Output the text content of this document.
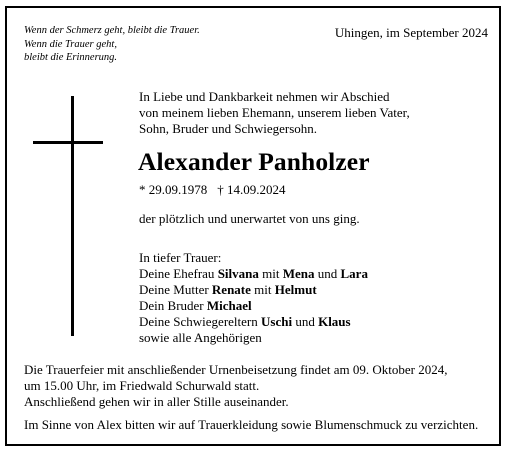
Wenn der Schmerz geht, bleibt die Trauer.
Wenn die Trauer geht,
bleibt die Erinnerung.
Uhingen, im September 2024
In Liebe und Dankbarkeit nehmen wir Abschied
von meinem lieben Ehemann, unserem lieben Vater,
Sohn, Bruder und Schwiegersohn.
Alexander Panholzer
* 29.09.1978 † 14.09.2024
der plötzlich und unerwartet von uns ging.
In tiefer Trauer:
Deine Ehefrau Silvana mit Mena und Lara
Deine Mutter Renate mit Helmut
Dein Bruder Michael
Deine Schwiegereltern Uschi und Klaus
sowie alle Angehörigen
Die Trauerfeier mit anschließender Urnenbeisetzung findet am 09. Oktober 2024,
um 15.00 Uhr, im Friedwald Schurwald statt.
Anschließend gehen wir in aller Stille auseinander.
Im Sinne von Alex bitten wir auf Trauerkleidung sowie Blumenschmuck zu verzichten.
